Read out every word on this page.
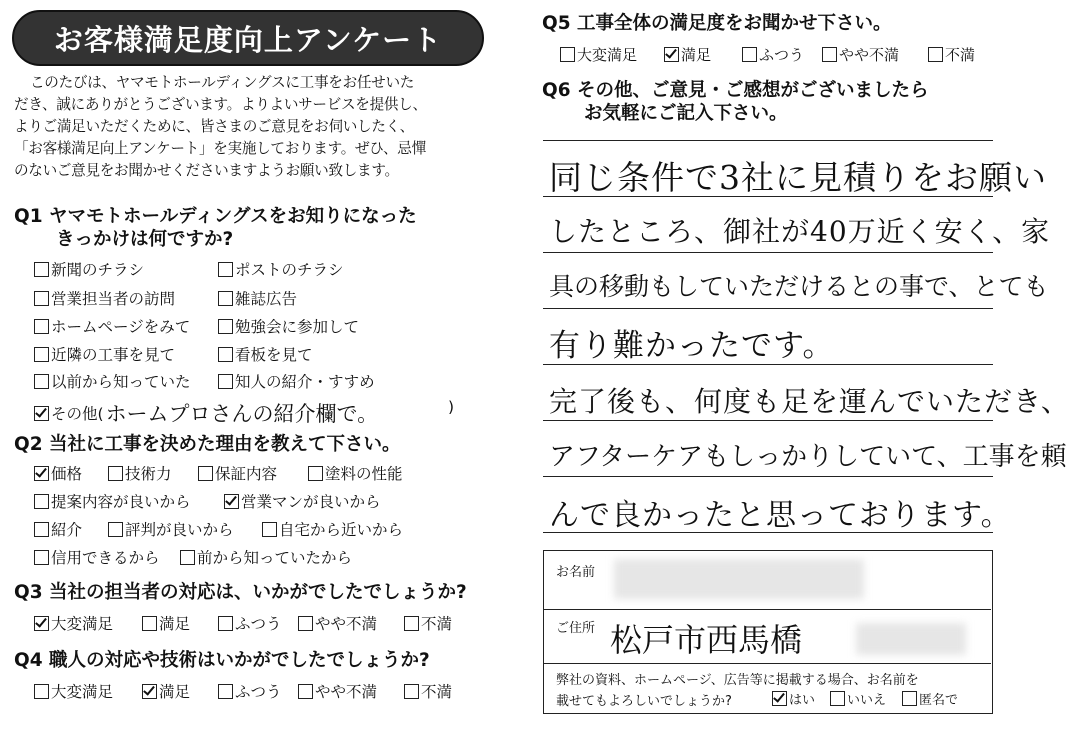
お客様満足度向上アンケート
このたびは、ヤマモトホールディングスに工事をお任せいた
だき、誠にありがとうございます。よりよいサービスを提供し、
よりご満足いただくために、皆さまのご意見をお伺いしたく、
「お客様満足向上アンケート」を実施しております。ぜひ、忌憚
のないご意見をお聞かせくださいますようお願い致します。
Q1 ヤマモトホールディングスをお知りになった
きっかけは何ですか?
新聞のチラシ	ポストのチラシ
営業担当者の訪問	雑誌広告
ホームページをみて	勉強会に参加して
近隣の工事を見て	看板を見て
以前から知っていた	知人の紹介・すすめ
その他( ホームプロさんの紹介欄で。	)
Q2 当社に工事を決めた理由を教えて下さい。
価格	技術力	保証内容	塗料の性能
提案内容が良いから	営業マンが良いから
紹介	評判が良いから	自宅から近いから
信用できるから 前から知っていたから
Q3 当社の担当者の対応は、いかがでしたでしょうか?
大変満足	満足	ふつう やや不満	不満
Q4 職人の対応や技術はいかがでしたでしょうか?
大変満足	満足	ふつう やや不満	不満
Q5 工事全体の満足度をお聞かせ下さい。
大変満足	満足	ふつう やや不満	不満
Q6 その他、ご意見・ご感想がございましたら
お気軽にご記入下さい。
同じ条件で3社に見積りをお願い
したところ、御社が40万近く安く、家
具の移動もしていただけるとの事で、とても
有り難かったです。
完了後も、何度も足を運んでいただき、
アフターケアもしっかりしていて、工事を頼
んで良かったと思っております。
お名前
ご住所 松戸市西馬橋
弊社の資料、ホームページ、広告等に掲載する場合、お名前を
載せてもよろしいでしょうか?	はい いいえ	匿名で
